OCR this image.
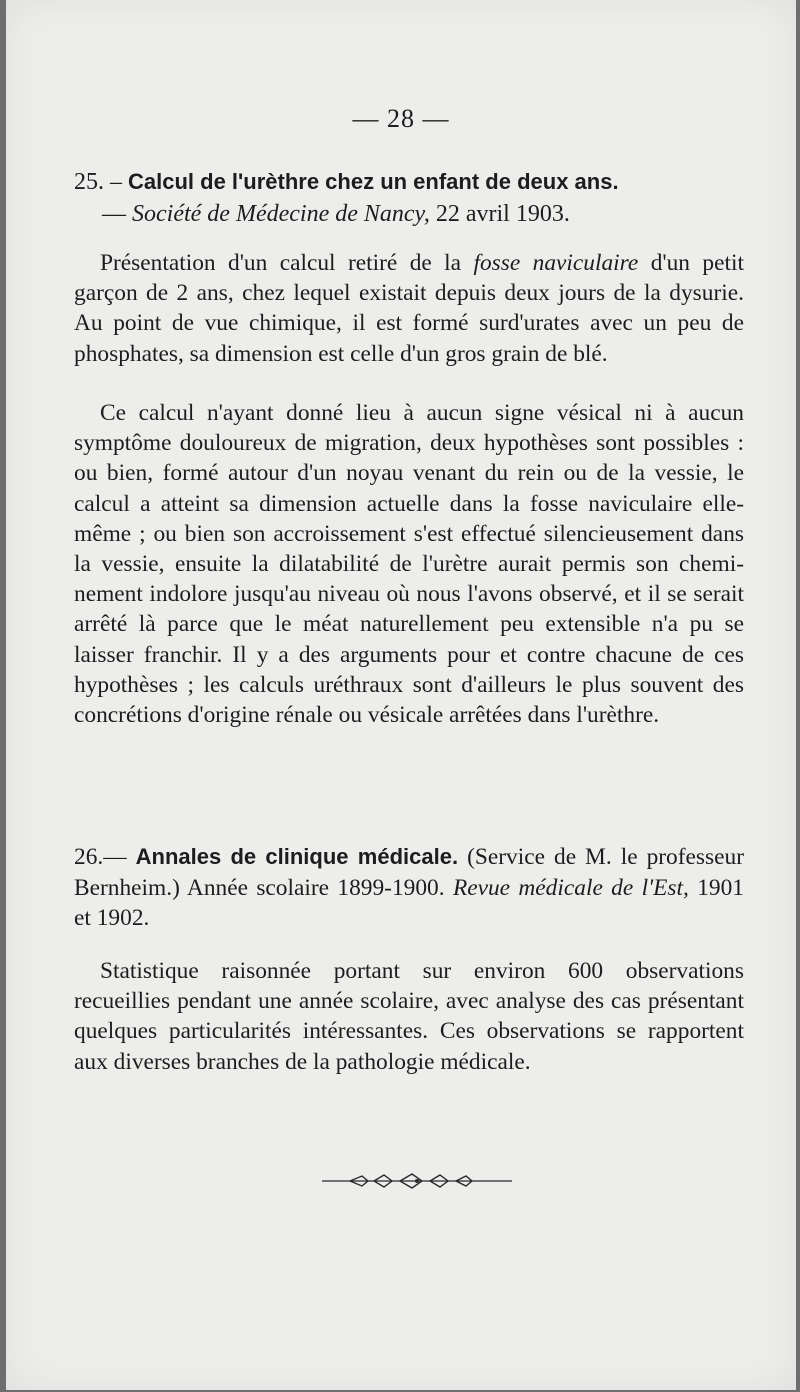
— 28 —
25. – Calcul de l'urèthre chez un enfant de deux ans.
— Société de Médecine de Nancy, 22 avril 1903.

Présentation d'un calcul retiré de la fosse naviculaire d'un petit garçon de 2 ans, chez lequel existait depuis deux jours de la dysurie. Au point de vue chimique, il est formé surd'urates avec un peu de phosphates, sa dimension est celle d'un gros grain de blé.

Ce calcul n'ayant donné lieu à aucun signe vésical ni à aucun symptôme douloureux de migration, deux hypothèses sont possibles : ou bien, formé autour d'un noyau venant du rein ou de la vessie, le calcul a atteint sa dimension actuelle dans la fosse naviculaire elle-même ; ou bien son accroissement s'est effectué silencieusement dans la vessie, ensuite la dilatabilité de l'urètre aurait permis son cheminement indolore jusqu'au niveau où nous l'avons observé, et il se serait arrêté là parce que le méat naturellement peu extensible n'a pu se laisser franchir. Il y a des arguments pour et contre chacune de ces hypothèses ; les calculs uréthraux sont d'ailleurs le plus souvent des concrétions d'origine rénale ou vésicale arrêtées dans l'urèthre.

26.— Annales de clinique médicale. (Service de M. le professeur Bernheim.) Année scolaire 1899-1900. Revue médicale de l'Est, 1901 et 1902.

Statistique raisonnée portant sur environ 600 observations recueillies pendant une année scolaire, avec analyse des cas présentant quelques particularités intéressantes. Ces observations se rapportent aux diverses branches de la pathologie médicale.
